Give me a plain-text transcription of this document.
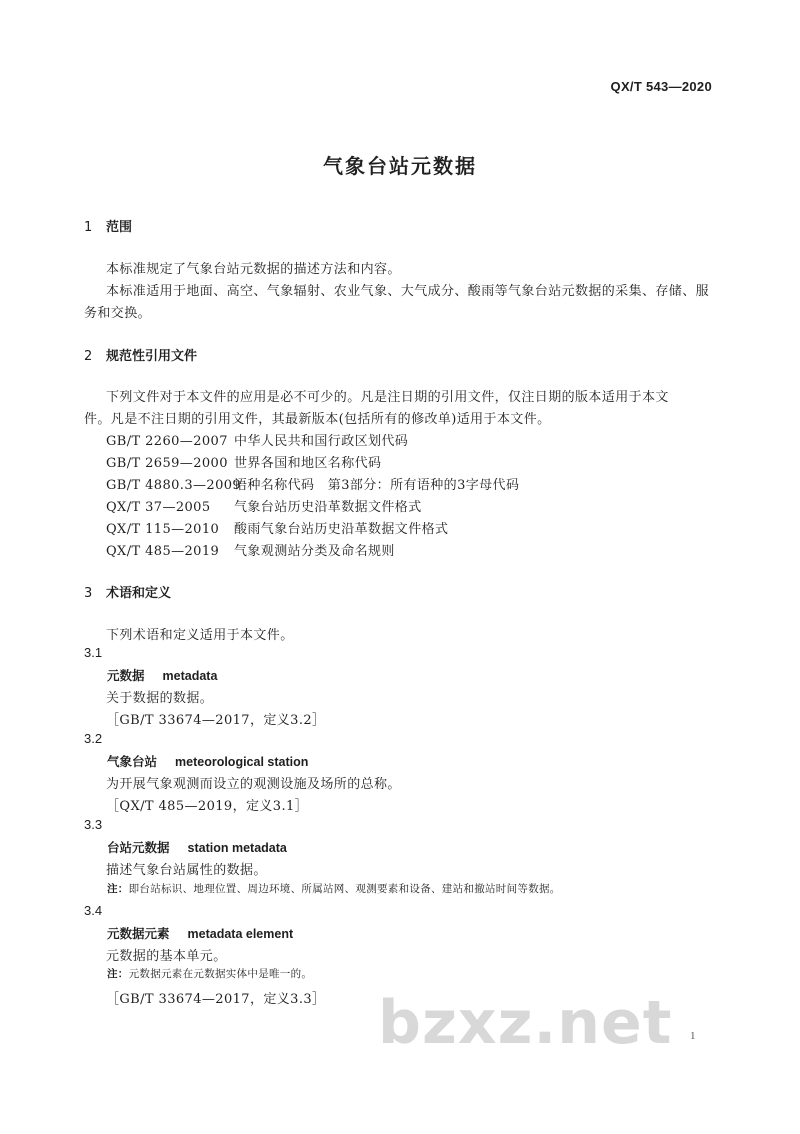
QX/T 543—2020
气象台站元数据
1 范围
本标准规定了气象台站元数据的描述方法和内容。
本标准适用于地面、高空、气象辐射、农业气象、大气成分、酸雨等气象台站元数据的采集、存储、服
务和交换。
2 规范性引用文件
下列文件对于本文件的应用是必不可少的。凡是注日期的引用文件，仅注日期的版本适用于本文
件。凡是不注日期的引用文件，其最新版本(包括所有的修改单)适用于本文件。
GB/T 2260—2007 中华人民共和国行政区划代码
GB/T 2659—2000 世界各国和地区名称代码
GB/T 4880.3—2009语种名称代码　第3部分：所有语种的3字母代码
QX/T 37—2005 气象台站历史沿革数据文件格式
QX/T 115—2010 酸雨气象台站历史沿革数据文件格式
QX/T 485—2019 气象观测站分类及命名规则
3 术语和定义
下列术语和定义适用于本文件。
3.1
元数据 metadata
关于数据的数据。
［GB/T 33674—2017，定义3.2］
3.2
气象台站 meteorological station
为开展气象观测而设立的观测设施及场所的总称。
［QX/T 485—2019，定义3.1］
3.3
台站元数据 station metadata
描述气象台站属性的数据。
注：即台站标识、地理位置、周边环境、所属站网、观测要素和设备、建站和撤站时间等数据。
3.4
元数据元素 metadata element
元数据的基本单元。
注：元数据元素在元数据实体中是唯一的。
［GB/T 33674—2017，定义3.3］ bzxz.net 1
